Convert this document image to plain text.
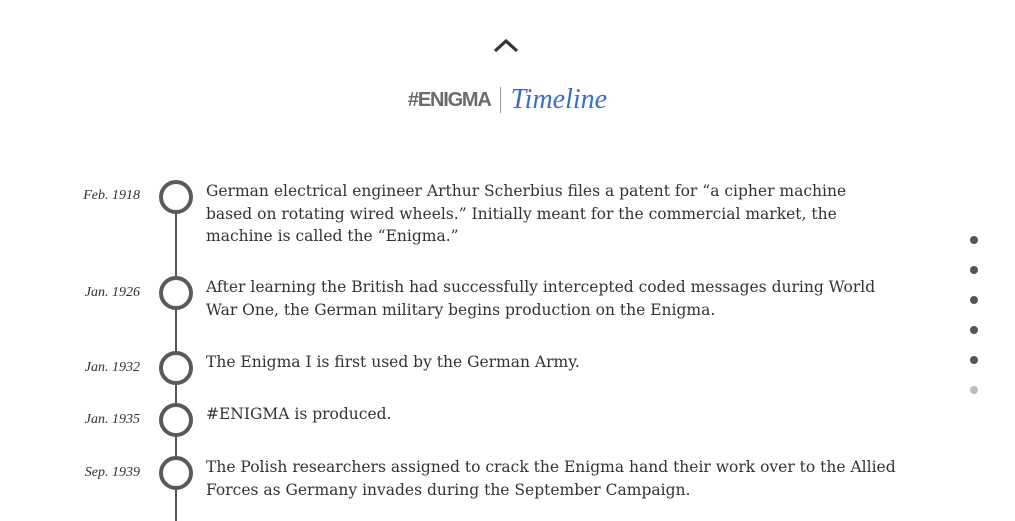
#ENIGMA Timeline
Feb. 1918	German electrical engineer Arthur Scherbius files a patent for “a cipher machine based on rotating wired wheels.” Initially meant for the commercial market, the machine is called the “Enigma.”
Jan. 1926	After learning the British had successfully intercepted coded messages during World War One, the German military begins production on the Enigma.
Jan. 1932	The Enigma I is first used by the German Army.
Jan. 1935	#ENIGMA is produced.
Sep. 1939	The Polish researchers assigned to crack the Enigma hand their work over to the Allied Forces as Germany invades during the September Campaign.
